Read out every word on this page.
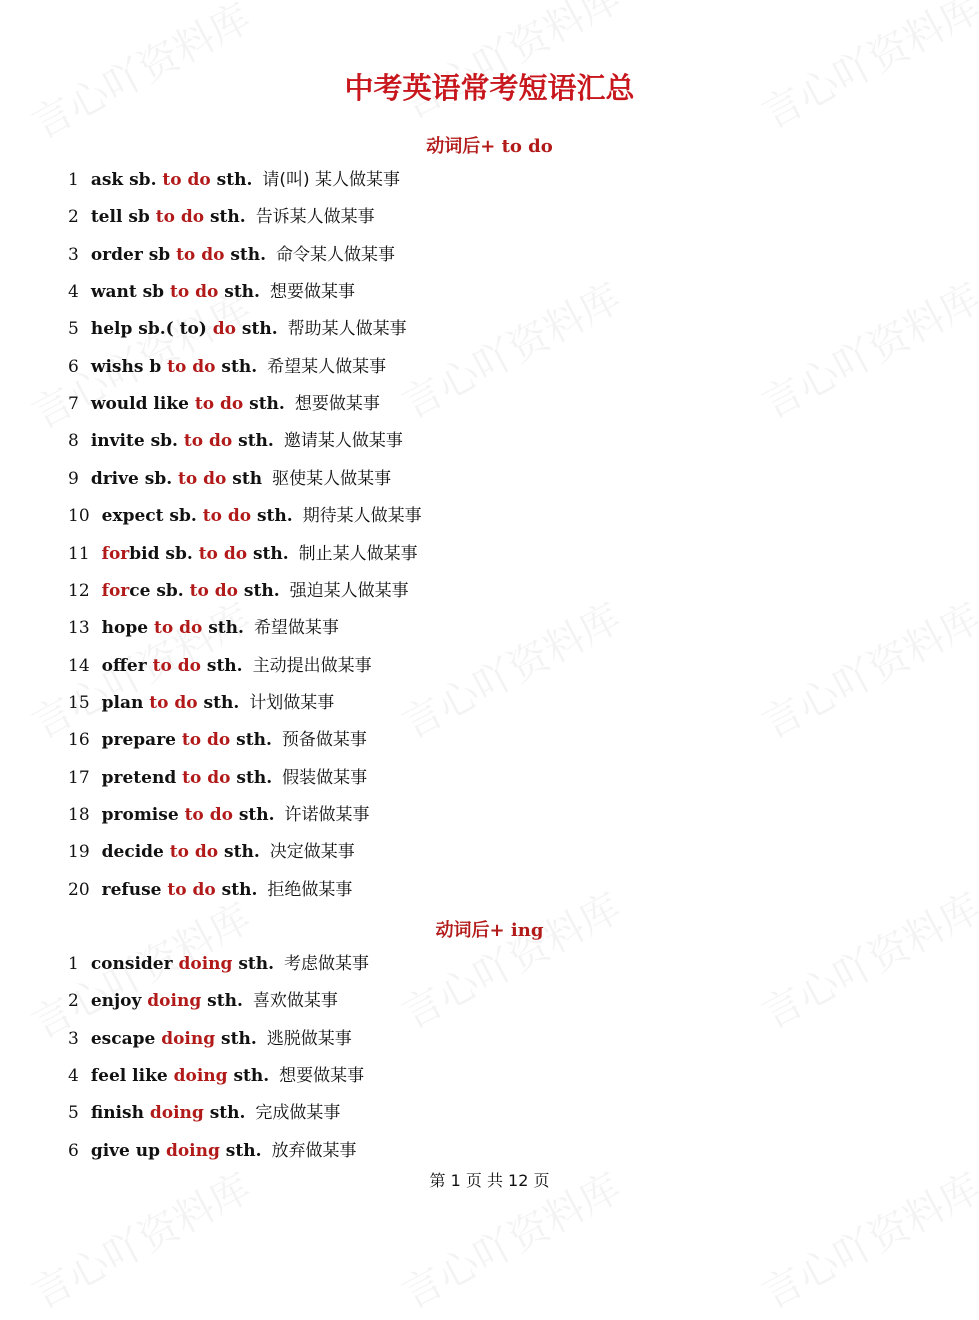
中考英语常考短语汇总
动词后+ to do
1 ask sb. to do sth. 请(叫) 某人做某事
2 tell sb to do sth. 告诉某人做某事
3 order sb to do sth. 命令某人做某事
4 want sb to do sth. 想要做某事
5 help sb.( to) do sth. 帮助某人做某事
6 wishs b to do sth. 希望某人做某事
7 would like to do sth. 想要做某事
8 invite sb. to do sth. 邀请某人做某事
9 drive sb. to do sth 驱使某人做某事
10 expect sb. to do sth. 期待某人做某事
11 forbid sb. to do sth. 制止某人做某事
12 force sb. to do sth. 强迫某人做某事
13 hope to do sth. 希望做某事
14 offer to do sth. 主动提出做某事
15 plan to do sth. 计划做某事
16 prepare to do sth. 预备做某事
17 pretend to do sth. 假装做某事
18 promise to do sth. 许诺做某事
19 decide to do sth. 决定做某事
20 refuse to do sth. 拒绝做某事
动词后+ ing
1 consider doing sth. 考虑做某事
2 enjoy doing sth. 喜欢做某事
3 escape doing sth. 逃脱做某事
4 feel like doing sth. 想要做某事
5 finish doing sth. 完成做某事
6 give up doing sth. 放弃做某事
第 1 页 共 12 页
